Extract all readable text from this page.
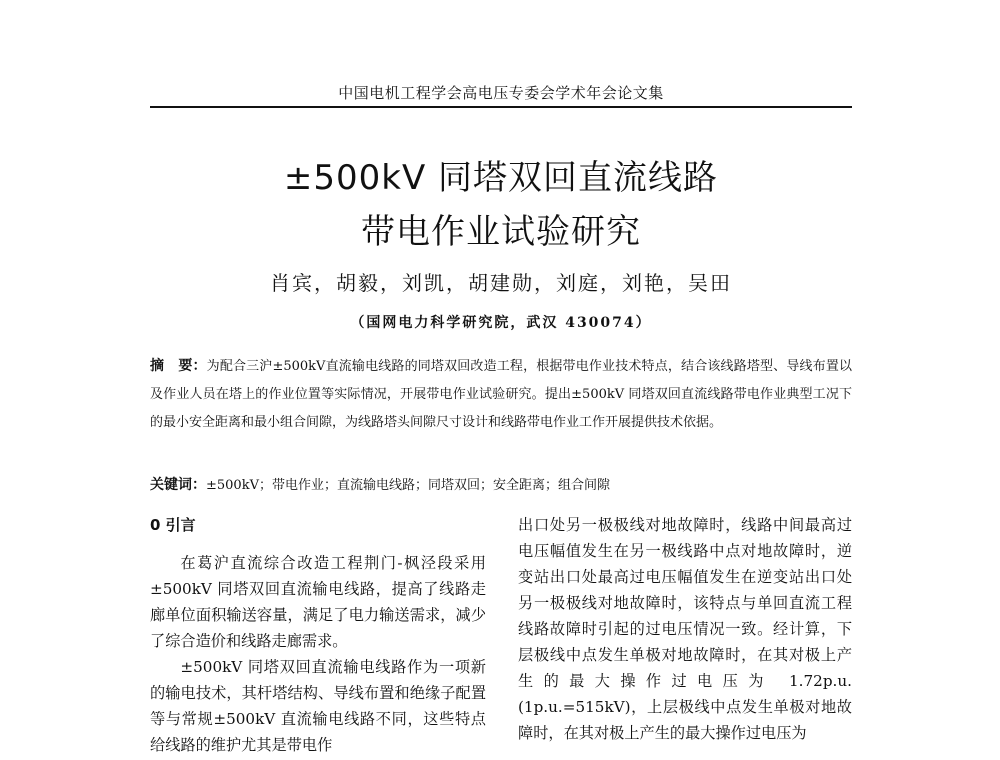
中国电机工程学会高电压专委会学术年会论文集
±500kV 同塔双回直流线路
带电作业试验研究
肖宾，胡毅，刘凯，胡建勋，刘庭，刘艳，吴田
（国网电力科学研究院，武汉 430074）
摘　要：为配合三沪±500kV直流输电线路的同塔双回改造工程，根据带电作业技术特点，结合该线路塔型、导线布置以及作业人员在塔上的作业位置等实际情况，开展带电作业试验研究。提出±500kV 同塔双回直流线路带电作业典型工况下的最小安全距离和最小组合间隙，为线路塔头间隙尺寸设计和线路带电作业工作开展提供技术依据。
关键词：±500kV；带电作业；直流输电线路；同塔双回；安全距离；组合间隙
0 引言

在葛沪直流综合改造工程荆门-枫泾段采用±500kV 同塔双回直流输电线路，提高了线路走廊单位面积输送容量，满足了电力输送需求，减少了综合造价和线路走廊需求。

±500kV 同塔双回直流输电线路作为一项新的输电技术，其杆塔结构、导线布置和绝缘子配置等与常规±500kV 直流输电线路不同，这些特点给线路的维护尤其是带电作

出口处另一极极线对地故障时，线路中间最高过电压幅值发生在另一极线路中点对地故障时，逆变站出口处最高过电压幅值发生在逆变站出口处另一极极线对地故障时，该特点与单回直流工程线路故障时引起的过电压情况一致。经计算，下层极线中点发生单极对地故障时，在其对极上产生的最大操作过电压为 1.72p.u.(1p.u.=515kV)，上层极线中点发生单极对地故障时，在其对极上产生的最大操作过电压为
